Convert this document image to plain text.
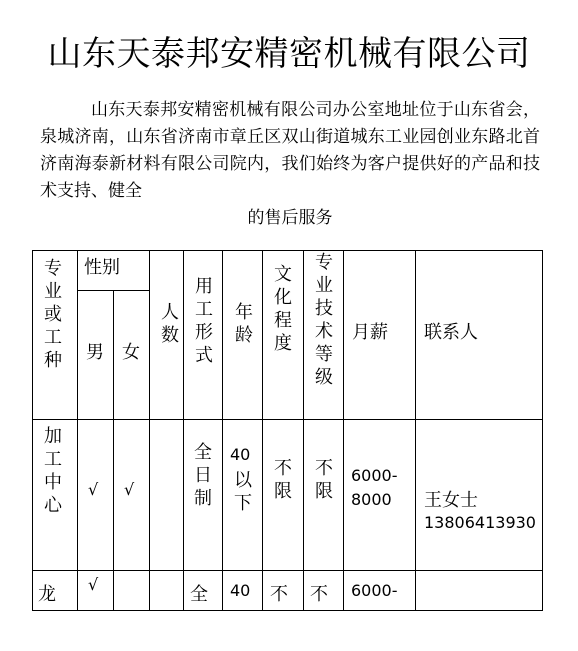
山东天泰邦安精密机械有限公司
山东天泰邦安精密机械有限公司办公室地址位于山东省会，泉城济南，山东省济南市章丘区双山街道城东工业园创业东路北首济南海泰新材料有限公司院内，我们始终为客户提供好的产品和技术支持、健全
的售后服务
专业或工种 性别
男 女
人数 用工形式 年龄 文化程度 专业技术等级 月薪 联系人
加工中心 √ √	全日制 40
以下 不限 不限 6000-
8000 王女士
13806413930
龙 √	全 40 不 不 6000-
